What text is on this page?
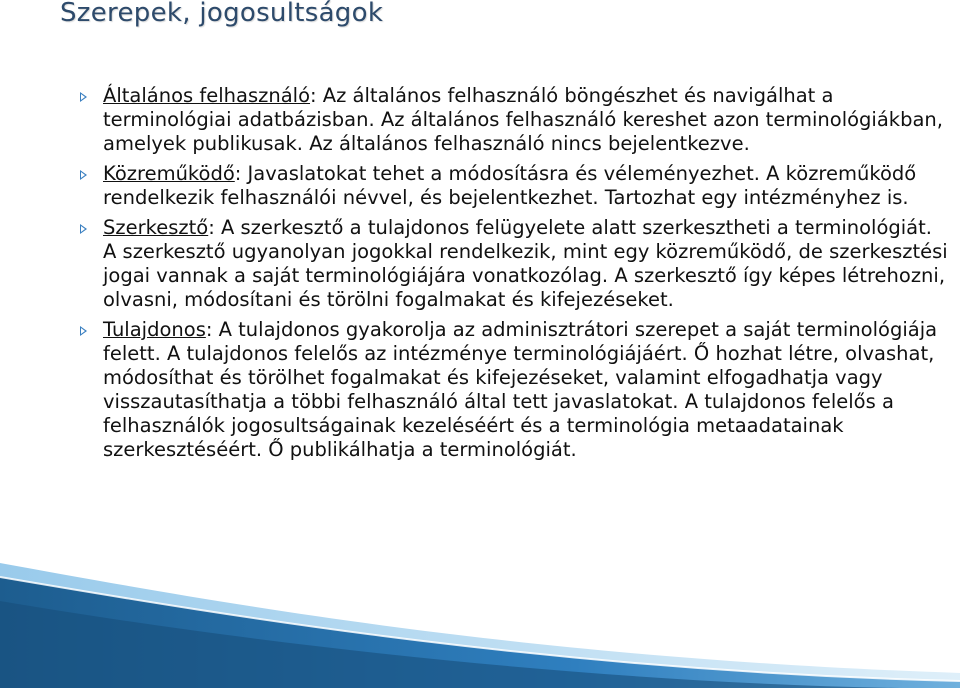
Szerepek, jogosultságok
Általános felhasználó: Az általános felhasználó böngészhet és navigálhat a terminológiai adatbázisban. Az általános felhasználó kereshet azon terminológiákban, amelyek publikusak. Az általános felhasználó nincs bejelentkezve.
Közreműködő: Javaslatokat tehet a módosításra és véleményezhet. A közreműködő rendelkezik felhasználói névvel, és bejelentkezhet. Tartozhat egy intézményhez is.
Szerkesztő: A szerkesztő a tulajdonos felügyelete alatt szerkesztheti a terminológiát. A szerkesztő ugyanolyan jogokkal rendelkezik, mint egy közreműködő, de szerkesztési jogai vannak a saját terminológiájára vonatkozólag. A szerkesztő így képes létrehozni, olvasni, módosítani és törölni fogalmakat és kifejezéseket.
Tulajdonos: A tulajdonos gyakorolja az adminisztrátori szerepet a saját terminológiája felett. A tulajdonos felelős az intézménye terminológiájáért. Ő hozhat létre, olvashat, módosíthat és törölhet fogalmakat és kifejezéseket, valamint elfogadhatja vagy visszautasíthatja a többi felhasználó által tett javaslatokat. A tulajdonos felelős a felhasználók jogosultságainak kezeléséért és a terminológia metaadatainak szerkesztéséért. Ő publikálhatja a terminológiát.
